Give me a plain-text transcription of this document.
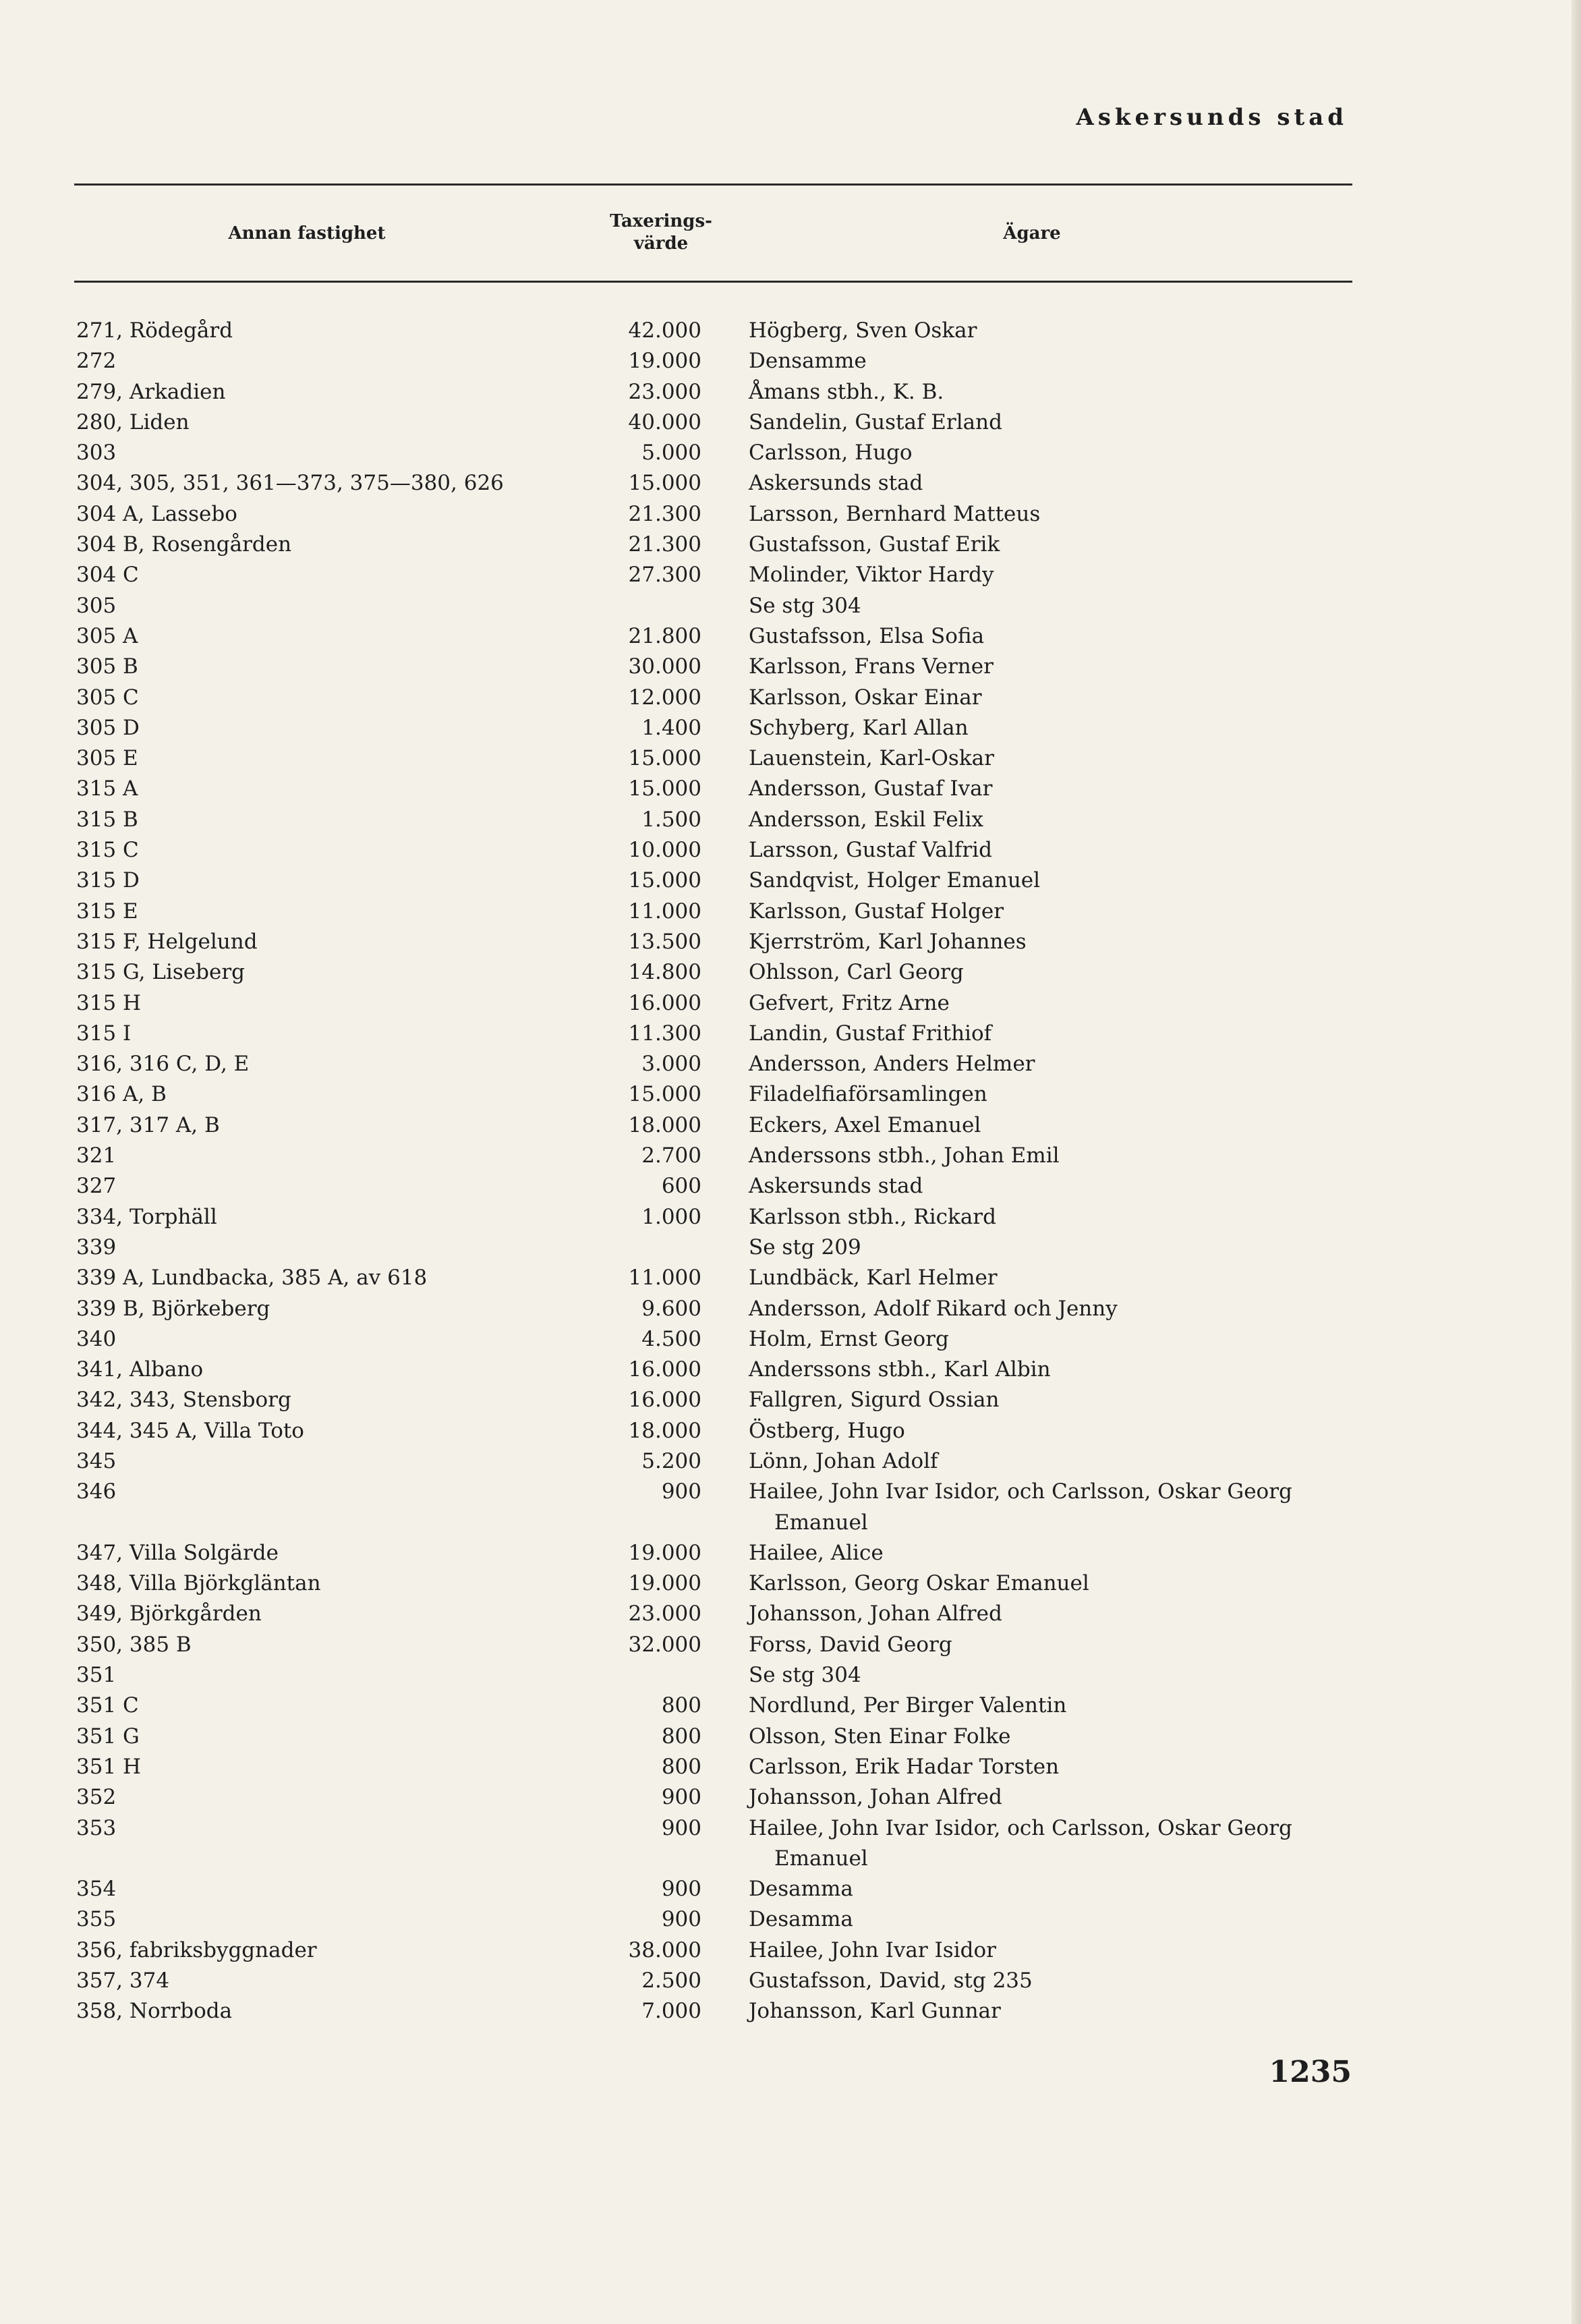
Askersunds stad
Annan fastighet
Taxerings-
värde	Ägare
271, Rödegård	42.000 Högberg, Sven Oskar
272	19.000 Densamme
279, Arkadien	23.000 Åmans stbh., K. B.
280, Liden	40.000 Sandelin, Gustaf Erland
303	5.000 Carlsson, Hugo
304, 305, 351, 361—373, 375—380, 626	15.000 Askersunds stad
304 A, Lassebo	21.300 Larsson, Bernhard Matteus
304 B, Rosengården	21.300 Gustafsson, Gustaf Erik
304 C	27.300 Molinder, Viktor Hardy
305	Se stg 304
305 A	21.800 Gustafsson, Elsa Sofia
305 B	30.000 Karlsson, Frans Verner
305 C	12.000 Karlsson, Oskar Einar
305 D	1.400 Schyberg, Karl Allan
305 E	15.000 Lauenstein, Karl-Oskar
315 A	15.000 Andersson, Gustaf Ivar
315 B	1.500 Andersson, Eskil Felix
315 C	10.000 Larsson, Gustaf Valfrid
315 D	15.000 Sandqvist, Holger Emanuel
315 E	11.000 Karlsson, Gustaf Holger
315 F, Helgelund	13.500 Kjerrström, Karl Johannes
315 G, Liseberg	14.800 Ohlsson, Carl Georg
315 H	16.000 Gefvert, Fritz Arne
315 I	11.300 Landin, Gustaf Frithiof
316, 316 C, D, E	3.000 Andersson, Anders Helmer
316 A, B	15.000 Filadelfiaförsamlingen
317, 317 A, B	18.000 Eckers, Axel Emanuel
321	2.700 Anderssons stbh., Johan Emil
327	600 Askersunds stad
334, Torphäll	1.000 Karlsson stbh., Rickard
339	Se stg 209
339 A, Lundbacka, 385 A, av 618	11.000 Lundbäck, Karl Helmer
339 B, Björkeberg	9.600 Andersson, Adolf Rikard och Jenny
340	4.500 Holm, Ernst Georg
341, Albano	16.000 Anderssons stbh., Karl Albin
342, 343, Stensborg	16.000 Fallgren, Sigurd Ossian
344, 345 A, Villa Toto	18.000 Östberg, Hugo
345	5.200 Lönn, Johan Adolf
346	900 Hailee, John Ivar Isidor, och Carlsson, Oskar Georg
Emanuel
347, Villa Solgärde	19.000 Hailee, Alice
348, Villa Björkgläntan	19.000 Karlsson, Georg Oskar Emanuel
349, Björkgården	23.000 Johansson, Johan Alfred
350, 385 B	32.000 Forss, David Georg
351	Se stg 304
351 C	800 Nordlund, Per Birger Valentin
351 G	800 Olsson, Sten Einar Folke
351 H	800 Carlsson, Erik Hadar Torsten
352	900 Johansson, Johan Alfred
353	900 Hailee, John Ivar Isidor, och Carlsson, Oskar Georg
Emanuel
354	900 Desamma
355	900 Desamma
356, fabriksbyggnader	38.000 Hailee, John Ivar Isidor
357, 374	2.500 Gustafsson, David, stg 235
358, Norrboda	7.000 Johansson, Karl Gunnar
1235
